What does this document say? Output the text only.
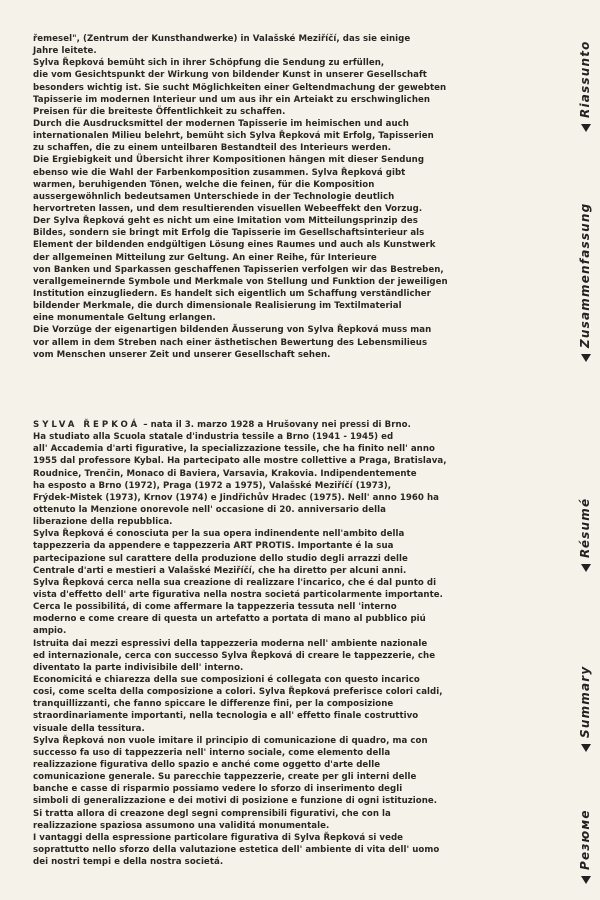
řemesel", (Zentrum der Kunsthandwerke) in Valašské Meziříčí, das sie einige
Jahre leitete.
Sylva Řepková bemüht sich in ihrer Schöpfung die Sendung zu erfüllen,
die vom Gesichtspunkt der Wirkung von bildender Kunst in unserer Gesellschaft
besonders wichtig ist. Sie sucht Möglichkeiten einer Geltendmachung der gewebten
Tapisserie im modernen Interieur und um aus ihr ein Arteiakt zu erschwinglichen
Preisen für die breiteste Öffentlichkeit zu schaffen.
Durch die Ausdrucksmittel der modernen Tapisserie im heimischen und auch
internationalen Milieu belehrt, bemüht sich Sylva Řepková mit Erfolg, Tapisserien
zu schaffen, die zu einem unteilbaren Bestandteil des Interieurs werden.
Die Ergiebigkeit und Übersicht ihrer Kompositionen hängen mit dieser Sendung
ebenso wie die Wahl der Farbenkomposition zusammen. Sylva Řepková gibt
warmen, beruhigenden Tönen, welche die feinen, für die Komposition
aussergewöhnlich bedeutsamen Unterschiede in der Technologie deutlich
hervortreten lassen, und dem resultierenden visuellen Webeeffekt den Vorzug.
Der Sylva Řepková geht es nicht um eine Imitation vom Mitteilungsprinzip des
Bildes, sondern sie bringt mit Erfolg die Tapisserie im Gesellschaftsinterieur als
Element der bildenden endgültigen Lösung eines Raumes und auch als Kunstwerk
der allgemeinen Mitteilung zur Geltung. An einer Reihe, für Interieure
von Banken und Sparkassen geschaffenen Tapisserien verfolgen wir das Bestreben,
verallgemeinernde Symbole und Merkmale von Stellung und Funktion der jeweiligen
Institution einzugliedern. Es handelt sich eigentlich um Schaffung verständlicher
bildender Merkmale, die durch dimensionale Realisierung im Textilmaterial
eine monumentale Geltung erlangen.
Die Vorzüge der eigenartigen bildenden Äusserung von Sylva Řepková muss man
vor allem in dem Streben nach einer ästhetischen Bewertung des Lebensmilieus
vom Menschen unserer Zeit und unserer Gesellschaft sehen.
SYLVA ŘEPKOÁ – nata il 3. marzo 1928 a Hrušovany nei pressi di Brno.
Ha studiato alla Scuola statale d'industria tessile a Brno (1941 - 1945) ed
all' Accademia d'arti figurative, la specializzazione tessile, che ha finito nell' anno
1955 dal professore Kybal. Ha partecipato alle mostre collettive a Praga, Bratislava,
Roudnice, Trenčin, Monaco di Baviera, Varsavia, Krakovia. Indipendentemente
ha esposto a Brno (1972), Praga (1972 a 1975), Valašské Meziříčí (1973),
Frýdek-Mistek (1973), Krnov (1974) e Jindřichův Hradec (1975). Nell' anno 1960 ha
ottenuto la Menzione onorevole nell' occasione di 20. anniversario della
liberazione della repubblica.
Sylva Řepková é conosciuta per la sua opera indinendente nell'ambito della
tappezzeria da appendere e tappezzeria ART PROTIS. Importante é la sua
partecipazione sul carattere della produzione dello studio degli arrazzi delle
Centrale d'arti e mestieri a Valašské Meziříčí, che ha diretto per alcuni anni.
Sylva Řepková cerca nella sua creazione di realizzare l'incarico, che é dal punto di
vista d'effetto dell' arte figurativa nella nostra societá particolarmente importante.
Cerca le possibilitá, di come affermare la tappezzeria tessuta nell 'interno
moderno e come creare di questa un artefatto a portata di mano al pubblico piú
ampio.
Istruita dai mezzi espressivi della tappezzeria moderna nell' ambiente nazionale
ed internazionale, cerca con successo Sylva Řepková di creare le tappezzerie, che
diventato la parte indivisibile dell' interno.
Economicitá e chiarezza della sue composizioni é collegata con questo incarico
cosi, come scelta della composizione a colori. Sylva Řepková preferisce colori caldi,
tranquillizzanti, che fanno spiccare le differenze fini, per la composizione
straordinariamente importanti, nella tecnologia e all' effetto finale costruttivo
visuale della tessitura.
Sylva Řepková non vuole imitare il principio di comunicazione di quadro, ma con
successo fa uso di tappezzeria nell' interno sociale, come elemento della
realizzazione figurativa dello spazio e anché come oggetto d'arte delle
comunicazione generale. Su parecchie tappezzerie, create per gli interni delle
banche e casse di risparmio possiamo vedere lo sforzo di inserimento degli
simboli di generalizzazione e dei motivi di posizione e funzione di ogni istituzione.
Si tratta allora di creazone degl segni comprensibili figurativi, che con la
realizzazione spaziosa assumono una validitá monumentale.
I vantaggi della espressione particolare figurativa di Sylva Řepková si vede
soprattutto nello sforzo della valutazione estetica dell' ambiente di vita dell' uomo
dei nostri tempi e della nostra societá.
Riassunto
Zusammenfassung
Résumé
Summary
Резюме
